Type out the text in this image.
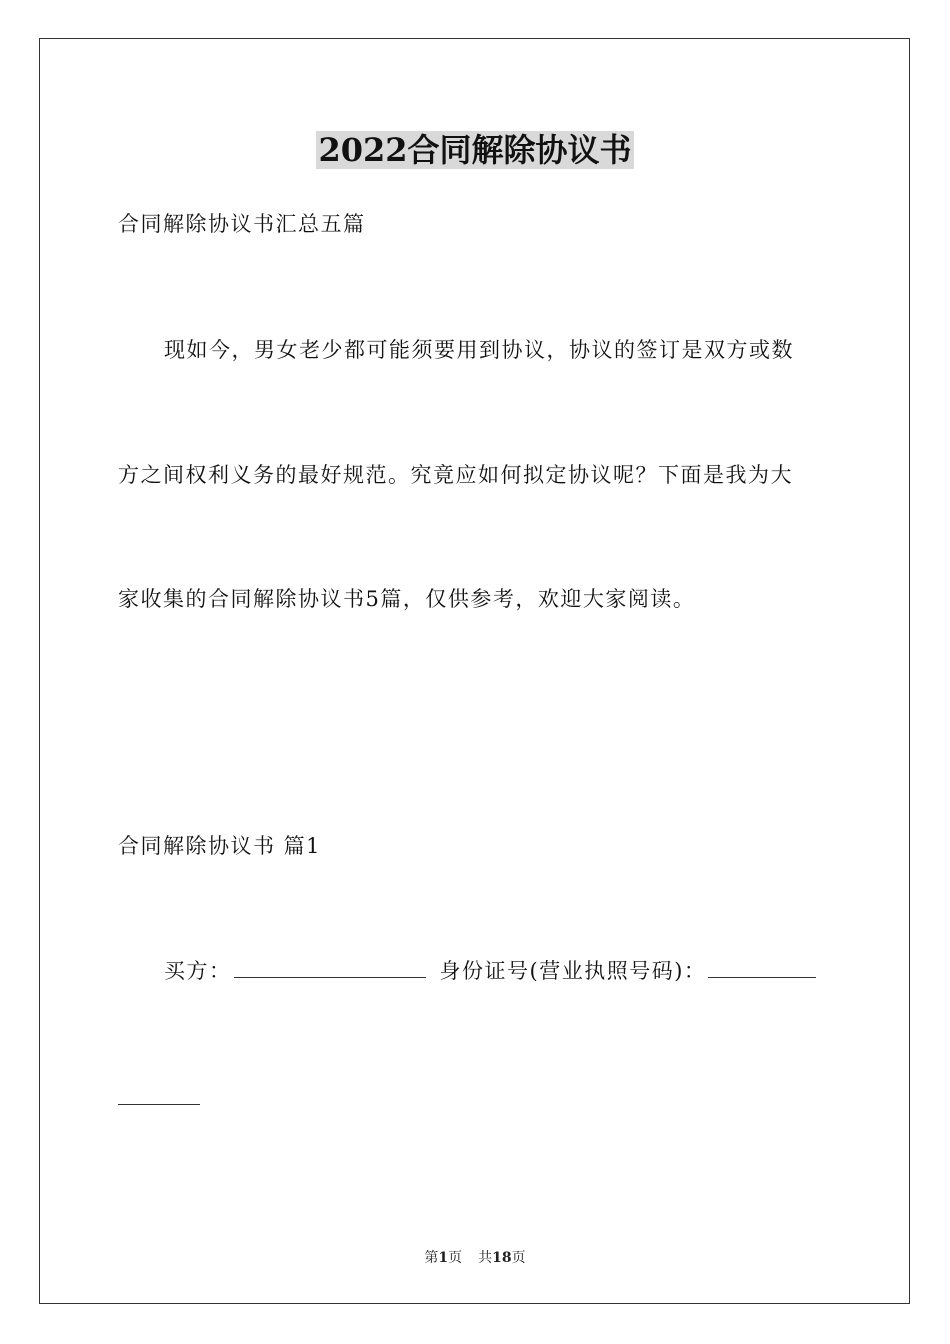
2022合同解除协议书
合同解除协议书汇总五篇
现如今，男女老少都可能须要用到协议，协议的签订是双方或数
方之间权利义务的最好规范。究竟应如何拟定协议呢？下面是我为大
家收集的合同解除协议书5篇，仅供参考，欢迎大家阅读。
合同解除协议书 篇1
买方：	身份证号(营业执照号码)：
第1页 共18页
